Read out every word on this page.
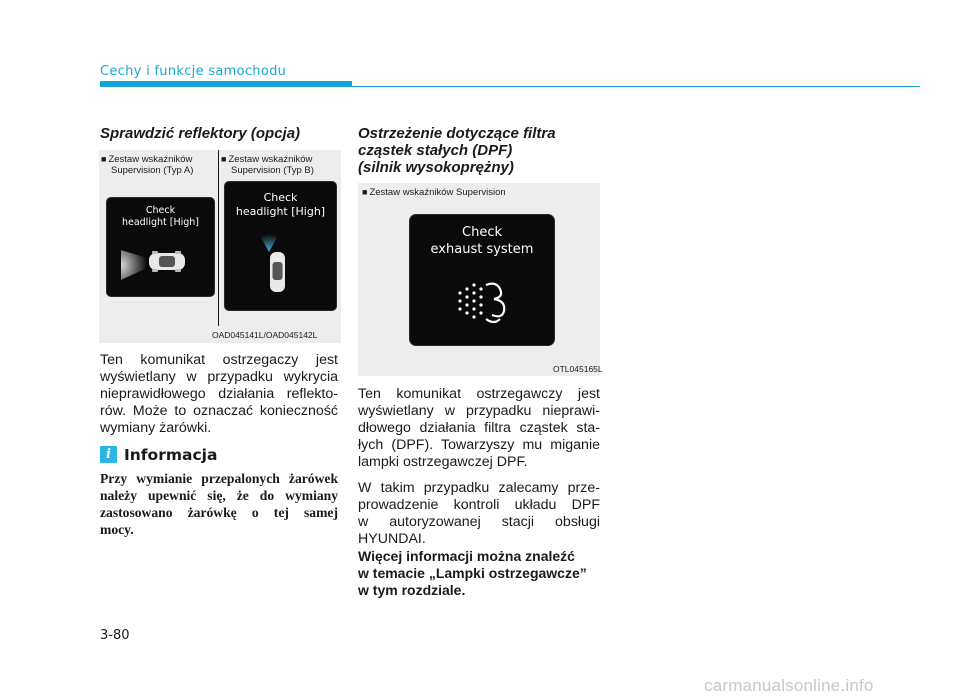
Cechy i funkcje samochodu
Sprawdzić reflektory (opcja)
■ Zestaw wskaźników
Supervision (Typ A)
■ Zestaw wskaźników
Supervision (Typ B)
Check
headlight [High]
Check
headlight [High]
OAD045141L/OAD045142L
Ten komunikat ostrzegaczy jest
wyświetlany w przypadku wykrycia
nieprawidłowego działania reflekto-
rów. Może to oznaczać konieczność
wymiany żarówki.
i Informacja
Przy wymianie przepalonych żarówek
należy upewnić się, że do wymiany
zastosowano żarówkę o tej samej
mocy.
Ostrzeżenie dotyczące filtra
cząstek stałych (DPF)
(silnik wysokoprężny)
■ Zestaw wskaźników Supervision
Check
exhaust system
OTL045165L
Ten komunikat ostrzegawczy jest
wyświetlany w przypadku nieprawi-
dłowego działania filtra cząstek sta-
łych (DPF). Towarzyszy mu miganie
lampki ostrzegawczej DPF.
W takim przypadku zalecamy prze-
prowadzenie kontroli układu DPF
w autoryzowanej stacji obsługi
HYUNDAI.
Więcej informacji można znaleźć
w temacie „Lampki ostrzegawcze”
w tym rozdziale.
3-80
carmanualsonline.info
